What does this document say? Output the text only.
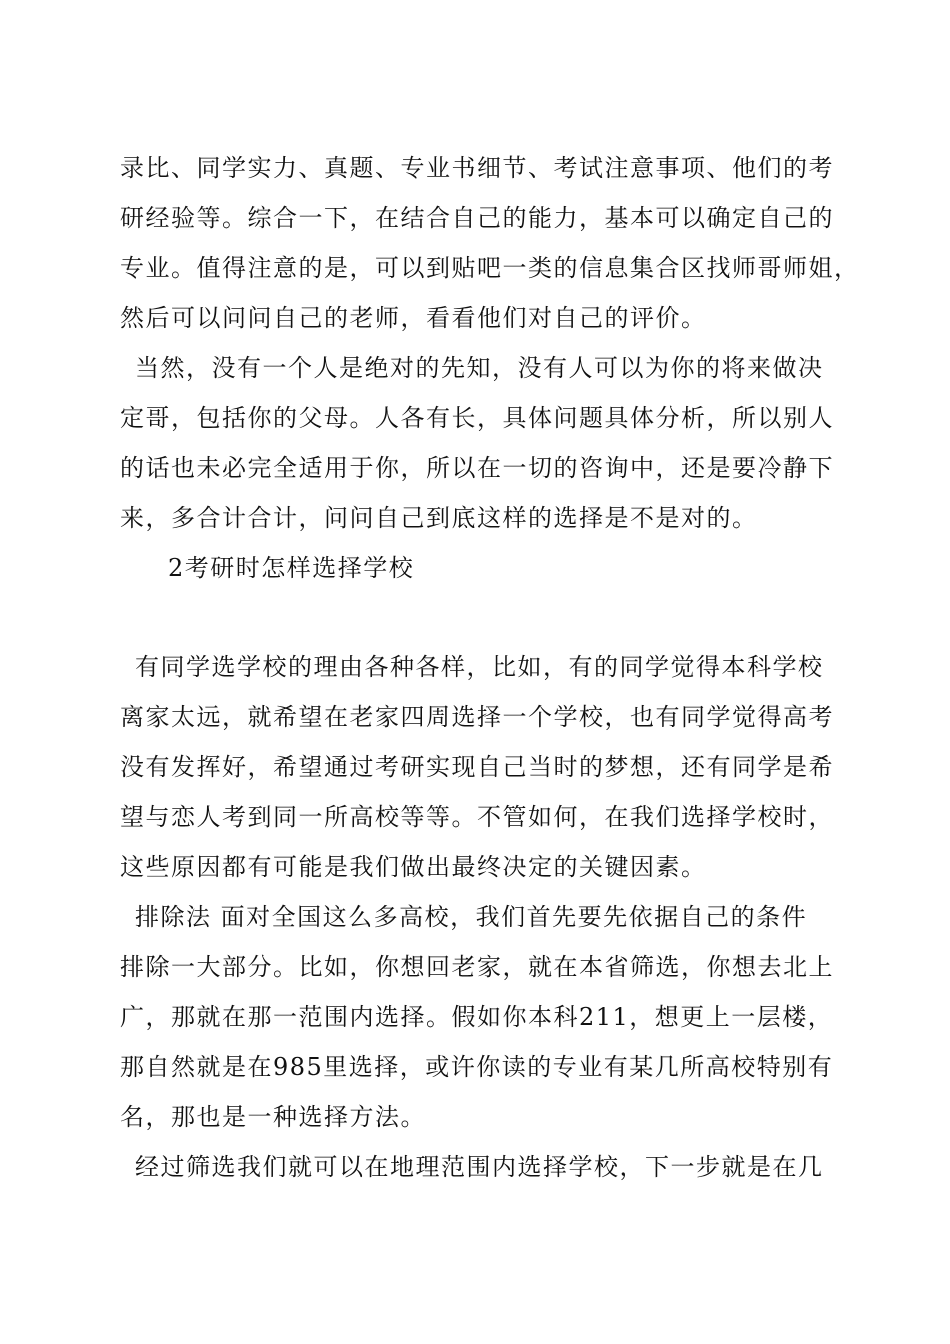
录比、同学实力、真题、专业书细节、考试注意事项、他们的考
研经验等。综合一下，在结合自己的能力，基本可以确定自己的
专业。值得注意的是，可以到贴吧一类的信息集合区找师哥师姐，
然后可以问问自己的老师，看看他们对自己的评价。
当然，没有一个人是绝对的先知，没有人可以为你的将来做决
定哥，包括你的父母。人各有长，具体问题具体分析，所以别人
的话也未必完全适用于你，所以在一切的咨询中，还是要冷静下
来，多合计合计，问问自己到底这样的选择是不是对的。
2考研时怎样选择学校
有同学选学校的理由各种各样，比如，有的同学觉得本科学校
离家太远，就希望在老家四周选择一个学校，也有同学觉得高考
没有发挥好，希望通过考研实现自己当时的梦想，还有同学是希
望与恋人考到同一所高校等等。不管如何，在我们选择学校时，
这些原因都有可能是我们做出最终决定的关键因素。
排除法 面对全国这么多高校，我们首先要先依据自己的条件
排除一大部分。比如，你想回老家，就在本省筛选，你想去北上
广，那就在那一范围内选择。假如你本科211，想更上一层楼，
那自然就是在985里选择，或许你读的专业有某几所高校特别有
名，那也是一种选择方法。
经过筛选我们就可以在地理范围内选择学校，下一步就是在几
